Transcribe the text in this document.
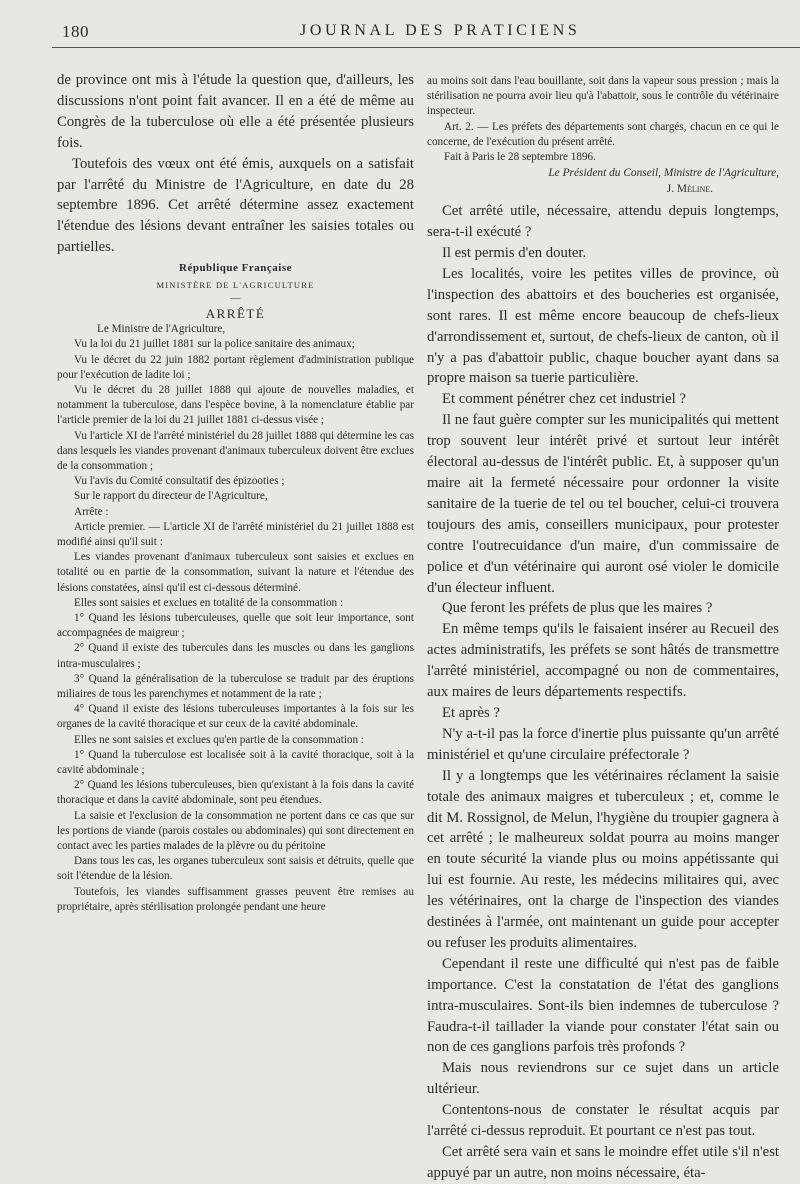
180	JOURNAL DES PRATICIENS

de province ont mis à l'étude la question que, d'ailleurs, les discussions n'ont point fait avancer. Il en a été de même au Congrès de la tuberculose où elle a été présentée plusieurs fois.

Toutefois des vœux ont été émis, auxquels on a satisfait par l'arrêté du Ministre de l'Agriculture, en date du 28 septembre 1896. Cet arrêté détermine assez exactement l'étendue des lésions devant entraîner les saisies totales ou partielles.

République Française
MINISTÈRE DE L'AGRICULTURE
—
ARRÊTÉ

Le Ministre de l'Agriculture,

Vu la loi du 21 juillet 1881 sur la police sanitaire des animaux;

Vu le décret du 22 juin 1882 portant règlement d'administration publique pour l'exécution de ladite loi ;

Vu le décret du 28 juillet 1888 qui ajoute de nouvelles maladies, et notamment la tuberculose, dans l'espèce bovine, à la nomenclature établie par l'article premier de la loi du 21 juillet 1881 ci-dessus visée ;

Vu l'article XI de l'arrêté ministériel du 28 juillet 1888 qui détermine les cas dans lesquels les viandes provenant d'animaux tuberculeux doivent être exclues de la consommation ;

Vu l'avis du Comité consultatif des épizooties ;

Sur le rapport du directeur de l'Agriculture,

Arrête :

Article premier. — L'article XI de l'arrêté ministériel du 21 juillet 1888 est modifié ainsi qu'il suit :

Les viandes provenant d'animaux tuberculeux sont saisies et exclues en totalité ou en partie de la consommation, suivant la nature et l'étendue des lésions constatées, ainsi qu'il est ci-dessous déterminé.

Elles sont saisies et exclues en totalité de la consommation :

1° Quand les lésions tuberculeuses, quelle que soit leur importance, sont accompagnées de maigreur ;

2° Quand il existe des tubercules dans les muscles ou dans les ganglions intra-musculaires ;

3° Quand la généralisation de la tuberculose se traduit par des éruptions miliaires de tous les parenchymes et notamment de la rate ;

4° Quand il existe des lésions tuberculeuses importantes à la fois sur les organes de la cavité thoracique et sur ceux de la cavité abdominale.

Elles ne sont saisies et exclues qu'en partie de la consommation :

1° Quand la tuberculose est localisée soit à la cavité thoracique, soit à la cavité abdominale ;

2° Quand les lésions tuberculeuses, bien qu'existant à la fois dans la cavité thoracique et dans la cavité abdominale, sont peu étendues.

La saisie et l'exclusion de la consommation ne portent dans ce cas que sur les portions de viande (parois costales ou abdominales) qui sont directement en contact avec les parties malades de la plèvre ou du péritoine

Dans tous les cas, les organes tuberculeux sont saisis et détruits, quelle que soit l'étendue de la lésion.

Toutefois, les viandes suffisamment grasses peuvent être remises au propriétaire, après stérilisation prolongée pendant une heure

au moins soit dans l'eau bouillante, soit dans la vapeur sous pression ; mais la stérilisation ne pourra avoir lieu qu'à l'abattoir, sous le contrôle du vétérinaire inspecteur.

Art. 2. — Les préfets des départements sont chargés, chacun en ce qui le concerne, de l'exécution du présent arrêté.

Fait à Paris le 28 septembre 1896.

Le Président du Conseil, Ministre de l'Agriculture,
J. Méline.

Cet arrêté utile, nécessaire, attendu depuis longtemps, sera-t-il exécuté ?

Il est permis d'en douter.

Les localités, voire les petites villes de province, où l'inspection des abattoirs et des boucheries est organisée, sont rares. Il est même encore beaucoup de chefs-lieux d'arrondissement et, surtout, de chefs-lieux de canton, où il n'y a pas d'abattoir public, chaque boucher ayant dans sa propre maison sa tuerie particulière.

Et comment pénétrer chez cet industriel ?

Il ne faut guère compter sur les municipalités qui mettent trop souvent leur intérêt privé et surtout leur intérêt électoral au-dessus de l'intérêt public. Et, à supposer qu'un maire ait la fermeté nécessaire pour ordonner la visite sanitaire de la tuerie de tel ou tel boucher, celui-ci trouvera toujours des amis, conseillers municipaux, pour protester contre l'outrecuidance d'un maire, d'un commissaire de police et d'un vétérinaire qui auront osé violer le domicile d'un électeur influent.

Que feront les préfets de plus que les maires ?

En même temps qu'ils le faisaient insérer au Recueil des actes administratifs, les préfets se sont hâtés de transmettre l'arrêté ministériel, accompagné ou non de commentaires, aux maires de leurs départements respectifs.

Et après ?

N'y a-t-il pas la force d'inertie plus puissante qu'un arrêté ministériel et qu'une circulaire préfectorale ?

Il y a longtemps que les vétérinaires réclament la saisie totale des animaux maigres et tuberculeux ; et, comme le dit M. Rossignol, de Melun, l'hygiène du troupier gagnera à cet arrêté ; le malheureux soldat pourra au moins manger en toute sécurité la viande plus ou moins appétissante qui lui est fournie. Au reste, les médecins militaires qui, avec les vétérinaires, ont la charge de l'inspection des viandes destinées à l'armée, ont maintenant un guide pour accepter ou refuser les produits alimentaires.

Cependant il reste une difficulté qui n'est pas de faible importance. C'est la constatation de l'état des ganglions intra-musculaires. Sont-ils bien indemnes de tuberculose ? Faudra-t-il taillader la viande pour constater l'état sain ou non de ces ganglions parfois très profonds ?

Mais nous reviendrons sur ce sujet dans un article ultérieur.

Contentons-nous de constater le résultat acquis par l'arrêté ci-dessus reproduit. Et pourtant ce n'est pas tout.

Cet arrêté sera vain et sans le moindre effet utile s'il n'est appuyé par un autre, non moins nécessaire, éta-
